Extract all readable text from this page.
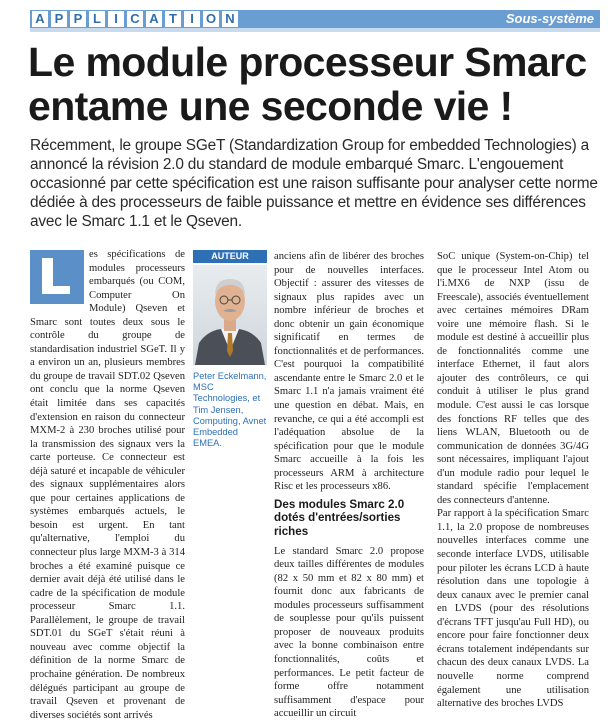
A P P L	I C A T	I O N	Sous-système
Le module processeur Smarc entame une seconde vie !

Récemment, le groupe SGeT (Standardization Group for embedded Technologies) a annoncé la révision 2.0 du standard de module embarqué Smarc. L'engouement occasionné par cette spécification est une raison suffisante pour analyser cette norme dédiée à des processeurs de faible puissance et mettre en évidence ses différences avec le Smarc 1.1 et le Qseven.

es spécifications de modules processeurs embarqués (ou COM, Computer On Module) Qseven et Smarc sont toutes deux sous le contrôle du groupe de standardisation industriel SGeT. Il y a environ un an, plusieurs membres du groupe de travail SDT.02 Qseven ont conclu que la norme Qseven était limitée dans ses capacités d'extension en raison du connecteur MXM-2 à 230 broches utilisé pour la transmission des signaux vers la carte porteuse. Ce connecteur est déjà saturé et incapable de véhiculer des signaux supplémentaires alors que pour certaines applications de systèmes embarqués actuels, le besoin est urgent. En tant qu'alternative, l'emploi du connecteur plus large MXM-3 à 314 broches a été examiné puisque ce dernier avait déjà été utilisé dans le cadre de la spécification de module processeur Smarc 1.1. Parallèlement, le groupe de travail SDT.01 du SGeT s'était réuni à nouveau avec comme objectif la définition de la norme Smarc de prochaine génération. De nombreux délégués participant au groupe de travail Qseven et provenant de diverses sociétés sont arrivés

AUTEUR

Peter Eckelmann,

MSC Technologies, et Tim Jensen, Computing, Avnet Embedded EMEA.

anciens afin de libérer des broches pour de nouvelles interfaces. Objectif : assurer des vitesses de signaux plus rapides avec un nombre inférieur de broches et donc obtenir un gain économique significatif en termes de fonctionnalités et de performances. C'est pourquoi la compatibilité ascendante entre le Smarc 2.0 et le Smarc 1.1 n'a jamais vraiment été une question en débat. Mais, en revanche, ce qui a été accompli est l'adéquation absolue de la spécification pour que le module Smarc accueille à la fois les processeurs ARM à architecture Risc et les processeurs x86.

Des modules Smarc 2.0 dotés d'entrées/sorties riches

Le standard Smarc 2.0 propose deux tailles différentes de modules (82 x 50 mm et 82 x 80 mm) et fournit donc aux fabricants de modules processeurs suffisamment de souplesse pour qu'ils puissent proposer de nouveaux produits avec la bonne combinaison entre fonctionnalités, coûts et performances. Le petit facteur de forme offre notamment suffisamment d'espace pour accueillir un circuit

SoC unique (System-on-Chip) tel que le processeur Intel Atom ou l'i.MX6 de NXP (issu de Freescale), associés éventuellement avec certaines mémoires DRam voire une mémoire flash. Si le module est destiné à accueillir plus de fonctionnalités comme une interface Ethernet, il faut alors ajouter des contrôleurs, ce qui conduit à utiliser le plus grand module. C'est aussi le cas lorsque des fonctions RF telles que des liens WLAN, Bluetooth ou de communication de données 3G/4G sont nécessaires, impliquant l'ajout d'un module radio pour lequel le standard spécifie l'emplacement des connecteurs d'antenne.

Par rapport à la spécification Smarc 1.1, la 2.0 propose de nombreuses nouvelles interfaces comme une seconde interface LVDS, utilisable pour piloter les écrans LCD à haute résolution dans une topologie à deux canaux avec le premier canal en LVDS (pour des résolutions d'écrans TFT jusqu'au Full HD), ou encore pour faire fonctionner deux écrans totalement indépendants sur chacun des deux canaux LVDS. La nouvelle norme comprend également une utilisation alternative des broches LVDS
